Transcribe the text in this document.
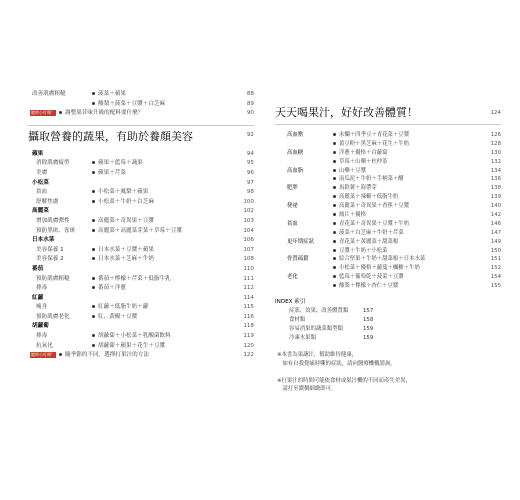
改善肌膚粗糙	菠菜＋蘋果	88

酪梨＋菠菜＋豆漿＋白芝麻	89
隨時小叮嚀！ 調整果昔味升級的配料要什麼？	90
攝取營養的蔬果，有助於養顏美容	92
蘋果	94
消除肌膚疲勞	蘋果＋藍莓＋蔬果	95
美膚	蘋果＋芹菜	96
小松菜	97
貧血	小松菜＋鳳梨＋蘋果	98
舒解焦慮	小松菜＋牛奶＋白芝麻	100
高麗菜	102
增加肌膚彈性	高麗菜＋奇異果＋豆漿	103
預防黑斑、雀斑	高麗菜＋高麗菜芽菜＋草莓＋豆漿	104
日本水菜	106
美容保養 1	日本水菜＋豆漿＋蘋果	107
美容保養 2	日本水菜＋芝麻＋牛奶	108
番茄	110
預防肌膚粗糙	番茄＋檸檬＋芹菜＋低脂牛乳	111
排毒	番茄＋洋蔥	112
紅蘿	114
瘦身	紅蘿＋低脂牛奶＋蘿	115
預防肌膚老化	紅、黃椒＋豆漿	116
胡蘿蔔	118
排毒	胡蘿蔔＋小松菜＋乳酸菌飲料	119
抗氧化	胡蘿蔔＋蘋果＋花生＋豆漿	120
隨時小叮嚀！ 隨季節的不同，選擇打果汁的方法	122
天天喝果汁，好好改善體質！	124
高血壓	未爛＋四季豆＋青花菜＋豆漿	126

黃豆粉＋黑芝麻＋花生＋牛奶	128
高血糖	洋蔥＋優格＋白蘿蔔	130

草莓＋山藥＋杜仲茶	132
高血脂	山藥＋豆漿	134

南瓜泥＋牛奶＋手柄菜＋醋	136
肥胖	馬鈴薯＋海帶芽	138

高麗菜＋辣椒＋低脂牛奶	139
便祕	高麗菜＋奇異果＋香蕉＋豆漿	140

鳳片＋優格	142
貧血	青花菜＋奇異果＋豆漿＋牛奶	146

菠菜＋白芝麻＋牛奶＋芹菜	147
更年期症狀	青花菜＋黃麗菜＋甜菜根	149

豆漿＋牛奶＋小松菜	150
骨質疏鬆	綜合堅果＋牛奶＋甜菜根＋日本水菜	151

小松菜＋優格＋蘿蔓＋楓糖＋牛奶	152
老化	藍莓＋葡萄乾＋菠菜＋豆漿	154

酪梨＋檸檬＋杏仁＋豆漿	155
INDEX 索引
症狀、效果、改善體質類	157
食材類	158
容易消果的蔬菜類型類	159
冷凍水果類	159
※本書為果蔬汁，幫助維持健康，
　如有自我覺痛時嘶的症狀，請向醫療機構諮詢。

※打果汁的時間可能依食材或果汁機的不同而產生差異，
　請打至濃稠細緻即可。
